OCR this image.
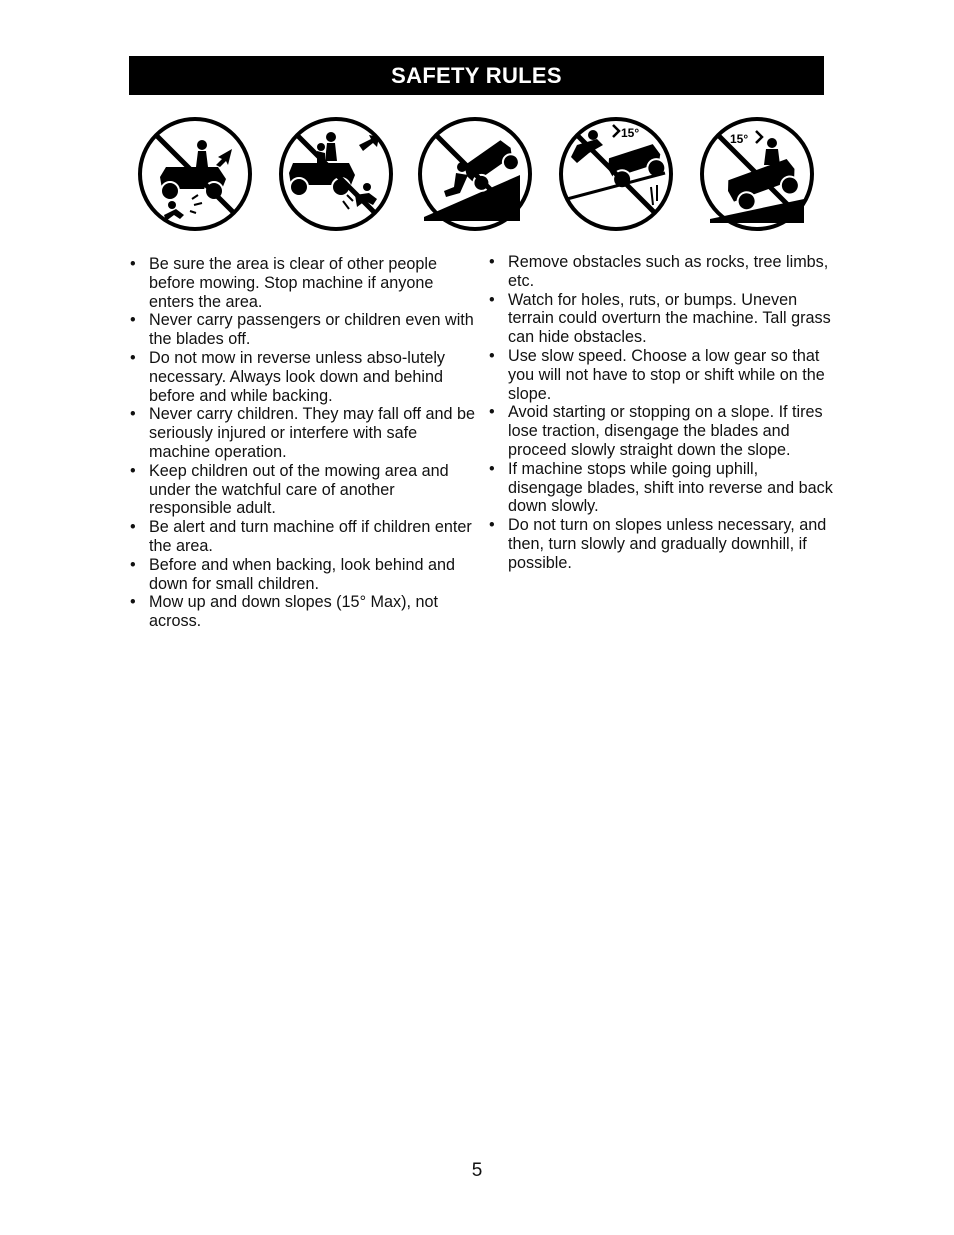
SAFETY RULES
15°	15°
• Be sure the area is clear of other people before mowing. Stop machine if anyone enters the area.
• Never carry passengers or children even with the blades off.
• Do not mow in reverse unless abso-lutely necessary. Always look down and behind before and while backing.
• Never carry children. They may fall off and be seriously injured or interfere with safe machine operation.
• Keep children out of the mowing area and under the watchful care of another responsible adult.
• Be alert and turn machine off if children enter the area.
• Before and when backing, look behind and down for small children.
• Mow up and down slopes (15° Max), not across.
• Remove obstacles such as rocks, tree limbs, etc.
• Watch for holes, ruts, or bumps. Uneven terrain could overturn the machine. Tall grass can hide obstacles.
• Use slow speed. Choose a low gear so that you will not have to stop or shift while on the slope.
• Avoid starting or stopping on a slope. If tires lose traction, disengage the blades and proceed slowly straight down the slope.
• If machine stops while going uphill, disengage blades, shift into reverse and back down slowly.
• Do not turn on slopes unless necessary, and then, turn slowly and gradually downhill, if possible.
5
